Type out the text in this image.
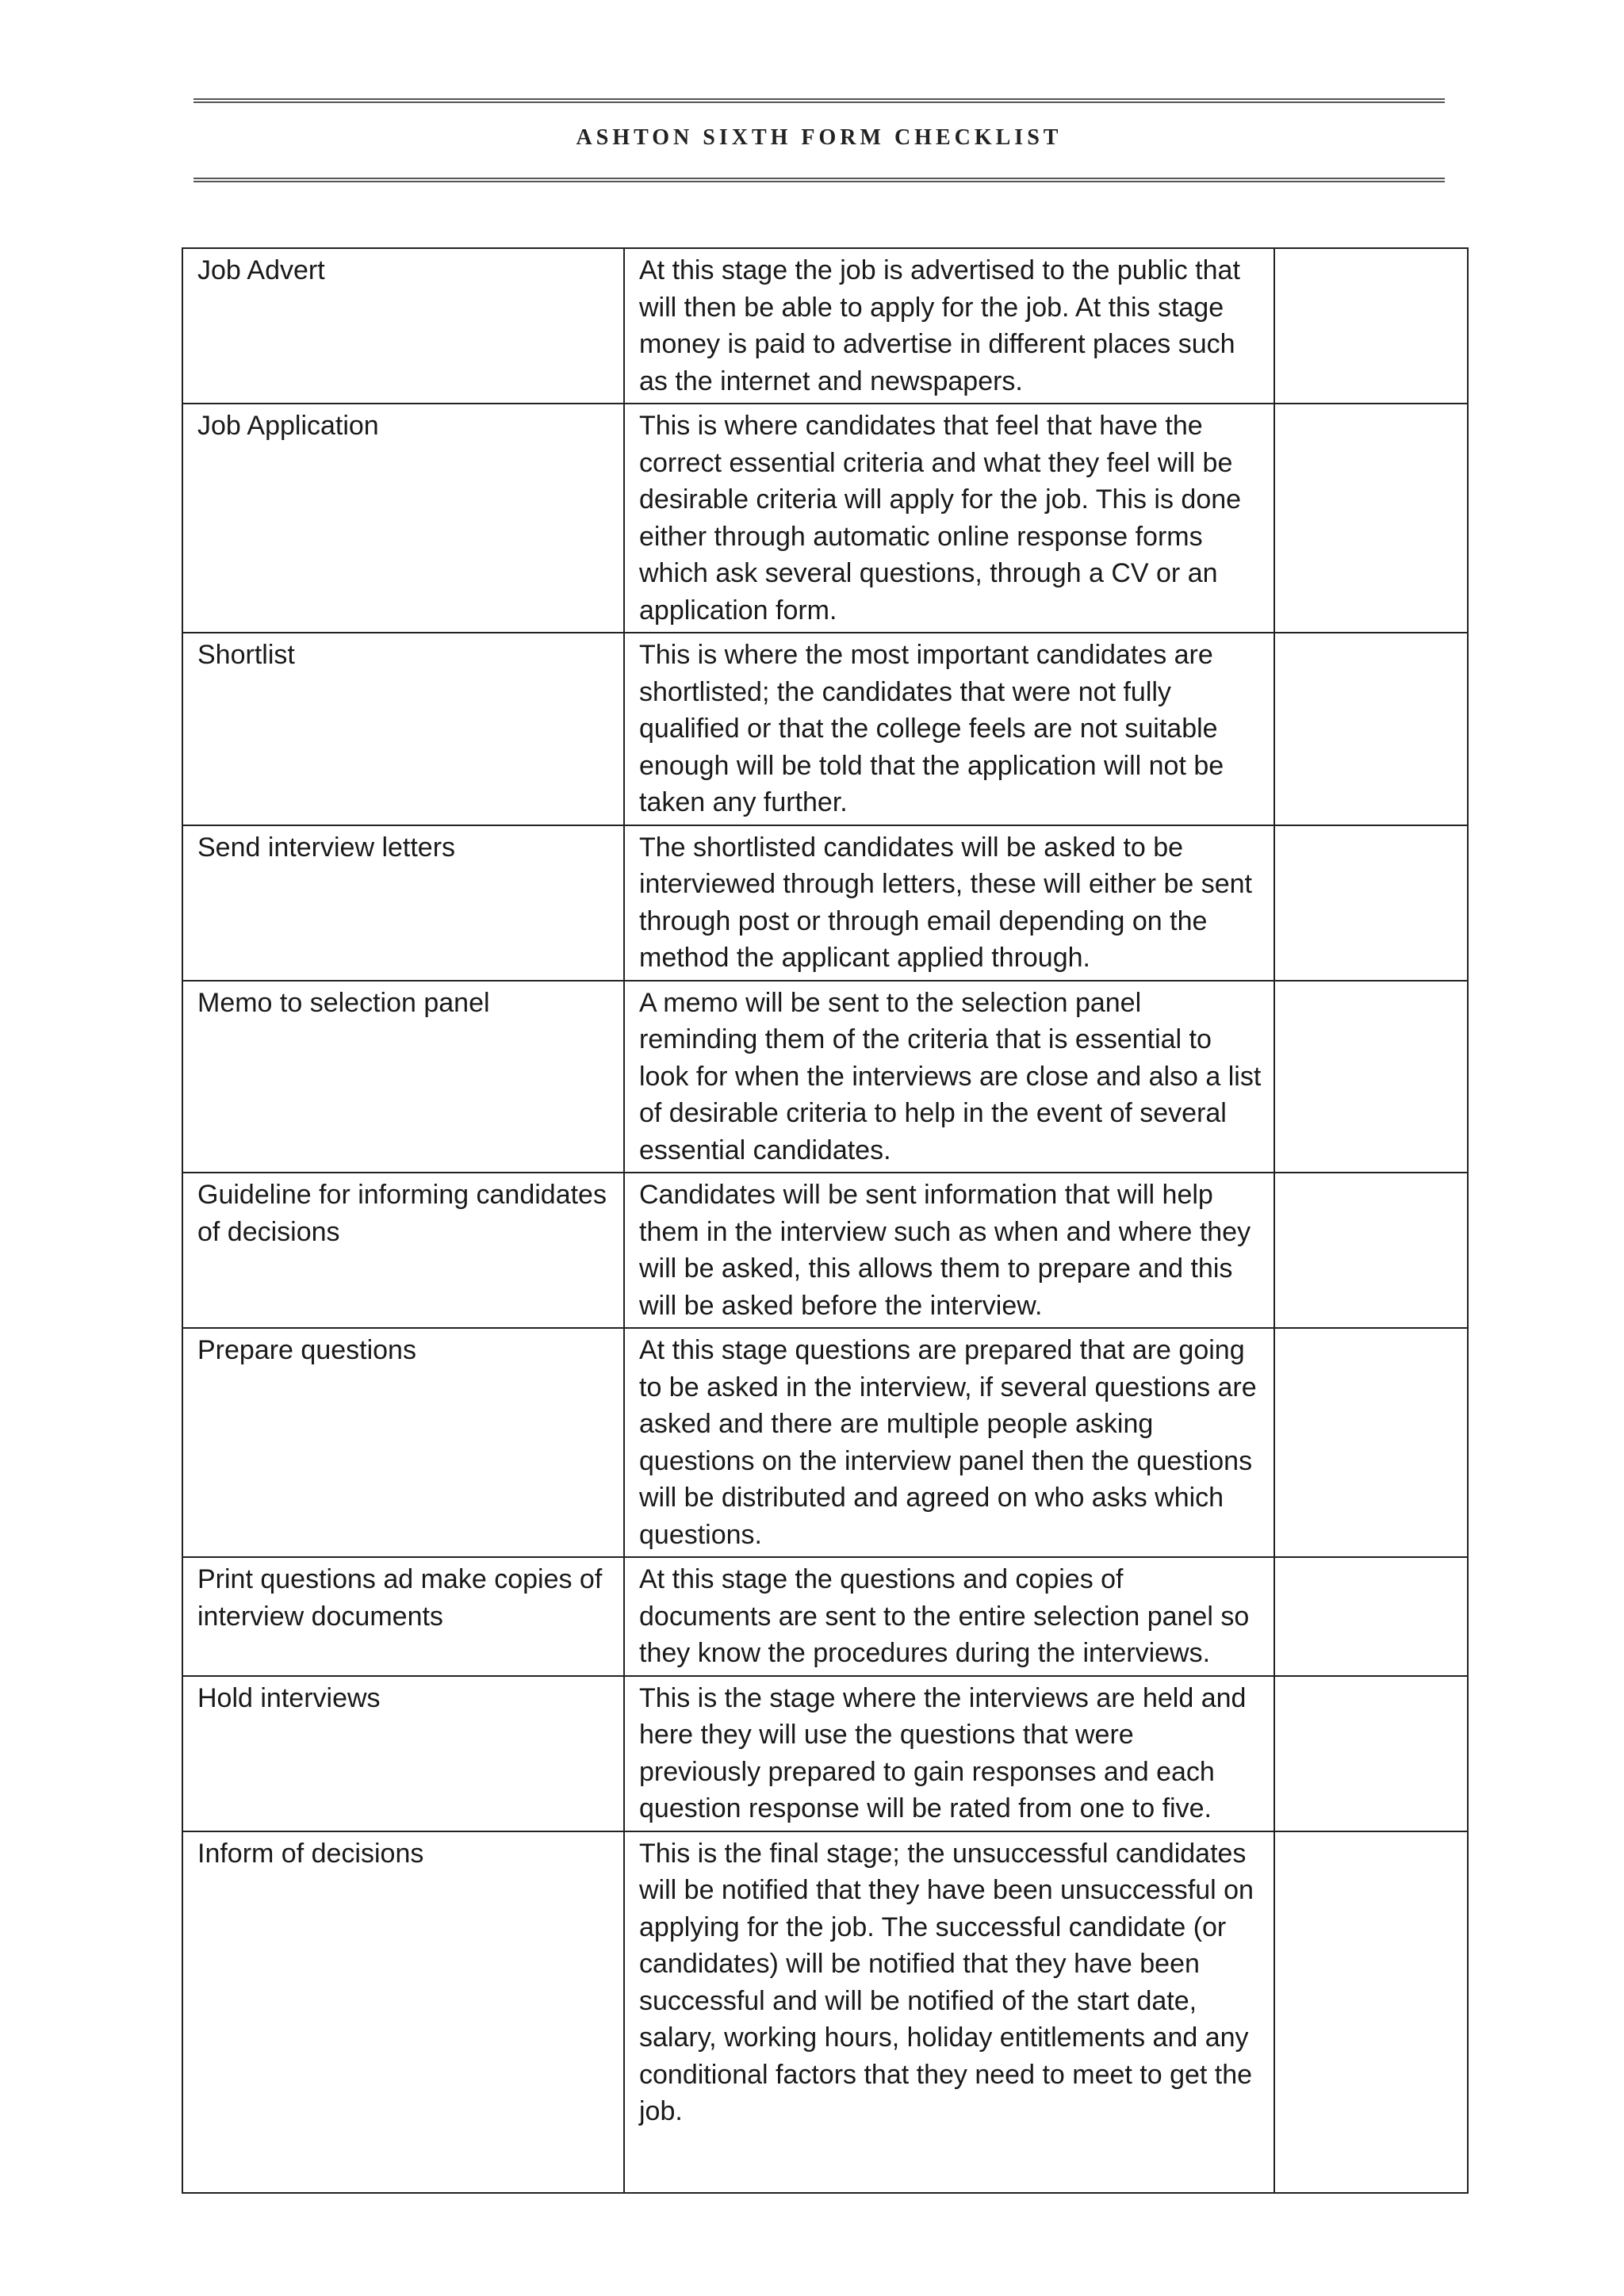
ASHTON SIXTH FORM CHECKLIST
Job Advert	At this stage the job is advertised to the public that will then be able to apply for the job. At this stage money is paid to advertise in different places such as the internet and newspapers.	
Job Application	This is where candidates that feel that have the correct essential criteria and what they feel will be desirable criteria will apply for the job. This is done either through automatic online response forms which ask several questions, through a CV or an application form.	
Shortlist	This is where the most important candidates are shortlisted; the candidates that were not fully qualified or that the college feels are not suitable enough will be told that the application will not be taken any further.	
Send interview letters	The shortlisted candidates will be asked to be interviewed through letters, these will either be sent through post or through email depending on the method the applicant applied through.	
Memo to selection panel	A memo will be sent to the selection panel reminding them of the criteria that is essential to look for when the interviews are close and also a list of desirable criteria to help in the event of several essential candidates.	
Guideline for informing candidates of decisions	Candidates will be sent information that will help them in the interview such as when and where they will be asked, this allows them to prepare and this will be asked before the interview.	
Prepare questions	At this stage questions are prepared that are going to be asked in the interview, if several questions are asked and there are multiple people asking questions on the interview panel then the questions will be distributed and agreed on who asks which questions.	
Print questions ad make copies of interview documents	At this stage the questions and copies of documents are sent to the entire selection panel so they know the procedures during the interviews.	
Hold interviews	This is the stage where the interviews are held and here they will use the questions that were previously prepared to gain responses and each question response will be rated from one to five.	
Inform of decisions	This is the final stage; the unsuccessful candidates will be notified that they have been unsuccessful on applying for the job. The successful candidate (or candidates) will be notified that they have been successful and will be notified of the start date, salary, working hours, holiday entitlements and any conditional factors that they need to meet to get the job.	
